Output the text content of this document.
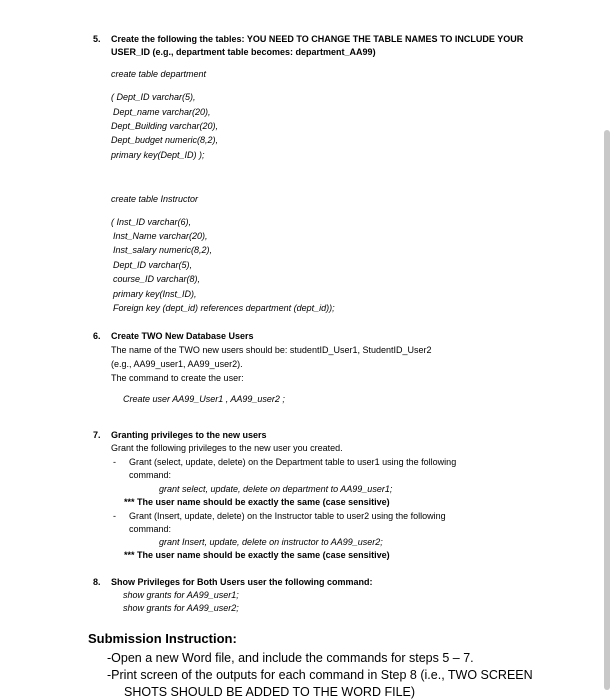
5. Create the following the tables: YOU NEED TO CHANGE THE TABLE NAMES TO INCLUDE YOUR
USER_ID (e.g., department table becomes: department_AA99)
create table department
( Dept_ID varchar(5),
Dept_name varchar(20),
Dept_Building varchar(20),
Dept_budget numeric(8,2),
primary key(Dept_ID) );
create table Instructor
( Inst_ID varchar(6),
Inst_Name varchar(20),
Inst_salary numeric(8,2),
Dept_ID varchar(5),
course_ID varchar(8),
primary key(Inst_ID),
Foreign key (dept_id) references department (dept_id));
6. Create TWO New Database Users
The name of the TWO new users should be: studentID_User1, StudentID_User2
(e.g., AA99_user1, AA99_user2).
The command to create the user:
Create user AA99_User1 , AA99_user2 ;
7. Granting privileges to the new users
Grant the following privileges to the new user you created.
- Grant (select, update, delete) on the Department table to user1 using the following
command:
grant select, update, delete on department to AA99_user1;
*** The user name should be exactly the same (case sensitive)
- Grant (Insert, update, delete) on the Instructor table to user2 using the following
command:
grant Insert, update, delete on instructor to AA99_user2;
*** The user name should be exactly the same (case sensitive)
8. Show Privileges for Both Users user the following command:
show grants for AA99_user1;
show grants for AA99_user2;
Submission Instruction:
-Open a new Word file, and include the commands for steps 5 – 7.
-Print screen of the outputs for each command in Step 8 (i.e., TWO SCREEN
SHOTS SHOULD BE ADDED TO THE WORD FILE)
